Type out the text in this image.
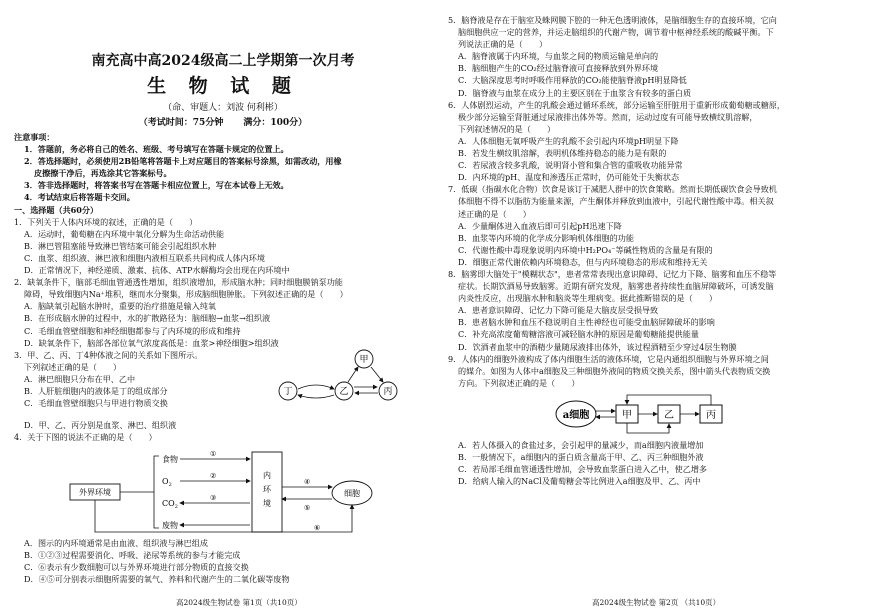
南充高中高2024级高二上学期第一次月考
生 物 试 题
（命、审题人：刘波 何利彬）
（考试时间：75分钟 满分：100分）
注意事项：
1．答题前，务必将自己的姓名、班级、考号填写在答题卡规定的位置上。
2．答选择题时，必须使用2B铅笔将答题卡上对应题目的答案标号涂黑，如需改动，用橡
皮擦擦干净后，再选涂其它答案标号。
3．答非选择题时，将答案书写在答题卡相应位置上，写在本试卷上无效。
4．考试结束后将答题卡交回。
一、选择题（共60分）
1．下列关于人体内环境的叙述，正确的是（　　）
A．运动时，葡萄糖在内环境中氧化分解为生命活动供能
B．淋巴管阻塞能导致淋巴管结案可能会引起组织水肿
C．血浆、组织液、淋巴液和细胞内液相互联系共同构成人体内环境
D．正常情况下，神经递质、激素、抗体、ATP水解酶均会出现在内环境中
2．缺氧条件下，脑部毛细血管通透性增加，组织液增加，形成脑水肿；同时细胞膜钠泵功能
障碍，导致细胞内Na⁺堆积，继而水分聚集，形成脑细胞肿胀。下列叙述正确的是（　　）
A．脑缺氧引起脑水肿时，重要的治疗措施是输入纯氧
B．在形成脑水肿的过程中，水的扩散路径为：脑细胞→血浆→组织液
C．毛细血管壁细胞和神经细胞都参与了内环境的形成和维持
D．缺氧条件下，脑部各部位氧气浓度高低是：血浆>神经细胞>组织液
3．甲、乙、丙、丁4种体液之间的关系如下图所示。
下列叙述正确的是（　　）
A．淋巴细胞只分布在甲、乙中
B．人肝脏细胞内的液体是丁的组成部分
C．毛细血管壁细胞只与甲进行物质交换
甲
乙	丙
丁
D．甲、乙、丙分别是血浆、淋巴、组织液
4．关于下图的说法不正确的是（　　）
外界环境
食物
$O_2$
$CO_2$
废物
①
②
③
内
环
境
④
⑤
细胞
⑥
A．图示的内环境通常是由血液、组织液与淋巴组成
B．①②③过程需要消化、呼吸、泌尿等系统的参与才能完成
C．⑥表示有少数细胞可以与外界环境进行部分物质的直接交换
D．④⑤可分别表示细胞所需要的氧气、养料和代谢产生的二氧化碳等废物
5．脑脊液是存在于脑室及蛛网膜下腔的一种无色透明液体，是脑细胞生存的直接环境，它向
脑细胞供应一定的营养，并运走脑组织的代谢产物，调节着中枢神经系统的酸碱平衡。下
列说法正确的是（　　）
A．脑脊液属于内环境，与血浆之间的物质运输是单向的
B．脑细胞产生的CO₂经过脑脊液可直接释放到外界环境
C．大脑深度思考时呼吸作用释放的CO₂能使脑脊液pH明显降低
D．脑脊液与血浆在成分上的主要区别在于血浆含有较多的蛋白质
6．人体剧烈运动，产生的乳酸会通过循环系统，部分运输至肝脏用于重新形成葡萄糖或糖原，
极少部分运输至肾脏通过尿液排出体外等。然而，运动过度有可能导致横纹肌溶解，
下列叙述情况的是（　　）
A．人体细胞无氧呼吸产生的乳酸不会引起内环境pH明显下降
B．若发生横纹肌溶解，表明机体维持稳态的能力是有限的
C．若尿液含较多乳酸，说明肾小管和集合管的重吸收功能异常
D．内环境的pH、温度和渗透压正常时，仍可能处于失衡状态
7．低碳（指碳水化合物）饮食是该订于减肥人群中的饮食策略。然而长期低碳饮食会导致机
体细胞不得不以脂肪为能量来源，产生酮体并释放到血液中，引起代谢性酸中毒。相关叙
述正确的是（　　）
A．少量酮体进入血液后即可引起pH迅速下降
B．血浆等内环境的化学成分影响机体细胞的功能
C．代谢性酸中毒现象说明内环境中H₂PO₄⁻等碱性物质的含量是有限的
D．细胞正常代谢依赖内环境稳态，但与内环境稳态的形成和维持无关
8．脑雾即大脑处于"模糊状态"，患者常常表现出意识障碍、记忆力下降、脑雾和血压不稳等
症状。长期饮酒易导致脑雾。近期有研究发现，脑雾患者持续性血脑屏障破坏，可诱发脑
内炎性反应，出现脑水肿和脑炎等生理病变。据此推断错误的是（　　）
A．患者意识障碍、记忆力下降可能是大脑皮层受损导致
B．患者脑水肿和血压不稳说明自主性神经也可能受血脑屏障破坏的影响
C．补充高浓度葡萄糖溶液可减轻脑水肿的原因是葡萄糖能提供能量
D．饮酒者血浆中的酒精少量随尿液排出体外，该过程酒精至少穿过4层生物膜
9．人体内的细胞外液构成了体内细胞生活的液体环境，它是内通组织细胞与外界环境之间
的媒介。如图为人体中a细胞及三种细胞外液间的物质交换关系，图中箭头代表物质交换
方向。下列叙述正确的是（　　）
a细胞	甲	乙	丙
A．若人体摄入的食盐过多，会引起甲的量减少，而a细胞内液量增加
B．一般情况下，a细胞内的蛋白质含量高于甲、乙、丙三种细胞外液
C．若局部毛细血管通透性增加，会导致血浆蛋白进入乙中，使乙增多
D．给病人输入的NaCl及葡萄糖会等比例进入a细胞及甲、乙、丙中
高2024级生物试卷 第1页（共10页）	高2024级生物试卷 第2页 （共10页）
